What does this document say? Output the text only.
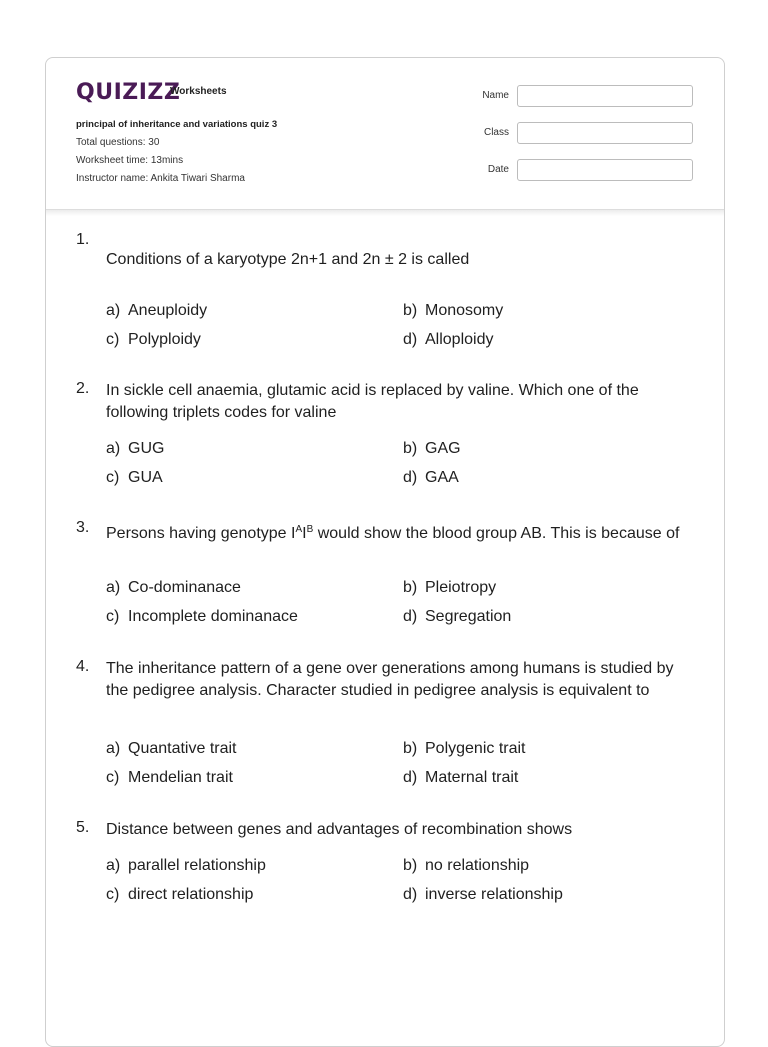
QUIZIZZ
Worksheets
principal of inheritance and variations quiz 3
Total questions: 30
Worksheet time: 13mins
Instructor name: Ankita Tiwari Sharma
Name
Class
Date
1.
Conditions of a karyotype 2n+1 and 2n ± 2 is called
a) Aneuploidy	b) Monosomy
c) Polyploidy	d) Alloploidy
2. In sickle cell anaemia, glutamic acid is replaced by valine. Which one of the following triplets codes for valine
a) GUG	b) GAG
c) GUA	d) GAA
3. Persons having genotype $I^AI^B$ would show the blood group AB. This is because of
a) Co-dominanace	b) Pleiotropy
c) Incomplete dominanace	d) Segregation
4. The inheritance pattern of a gene over generations among humans is studied by the pedigree analysis. Character studied in pedigree analysis is equivalent to
a) Quantative trait	b) Polygenic trait
c) Mendelian trait	d) Maternal trait
5. Distance between genes and advantages of recombination shows
a) parallel relationship	b) no relationship
c) direct relationship	d) inverse relationship
